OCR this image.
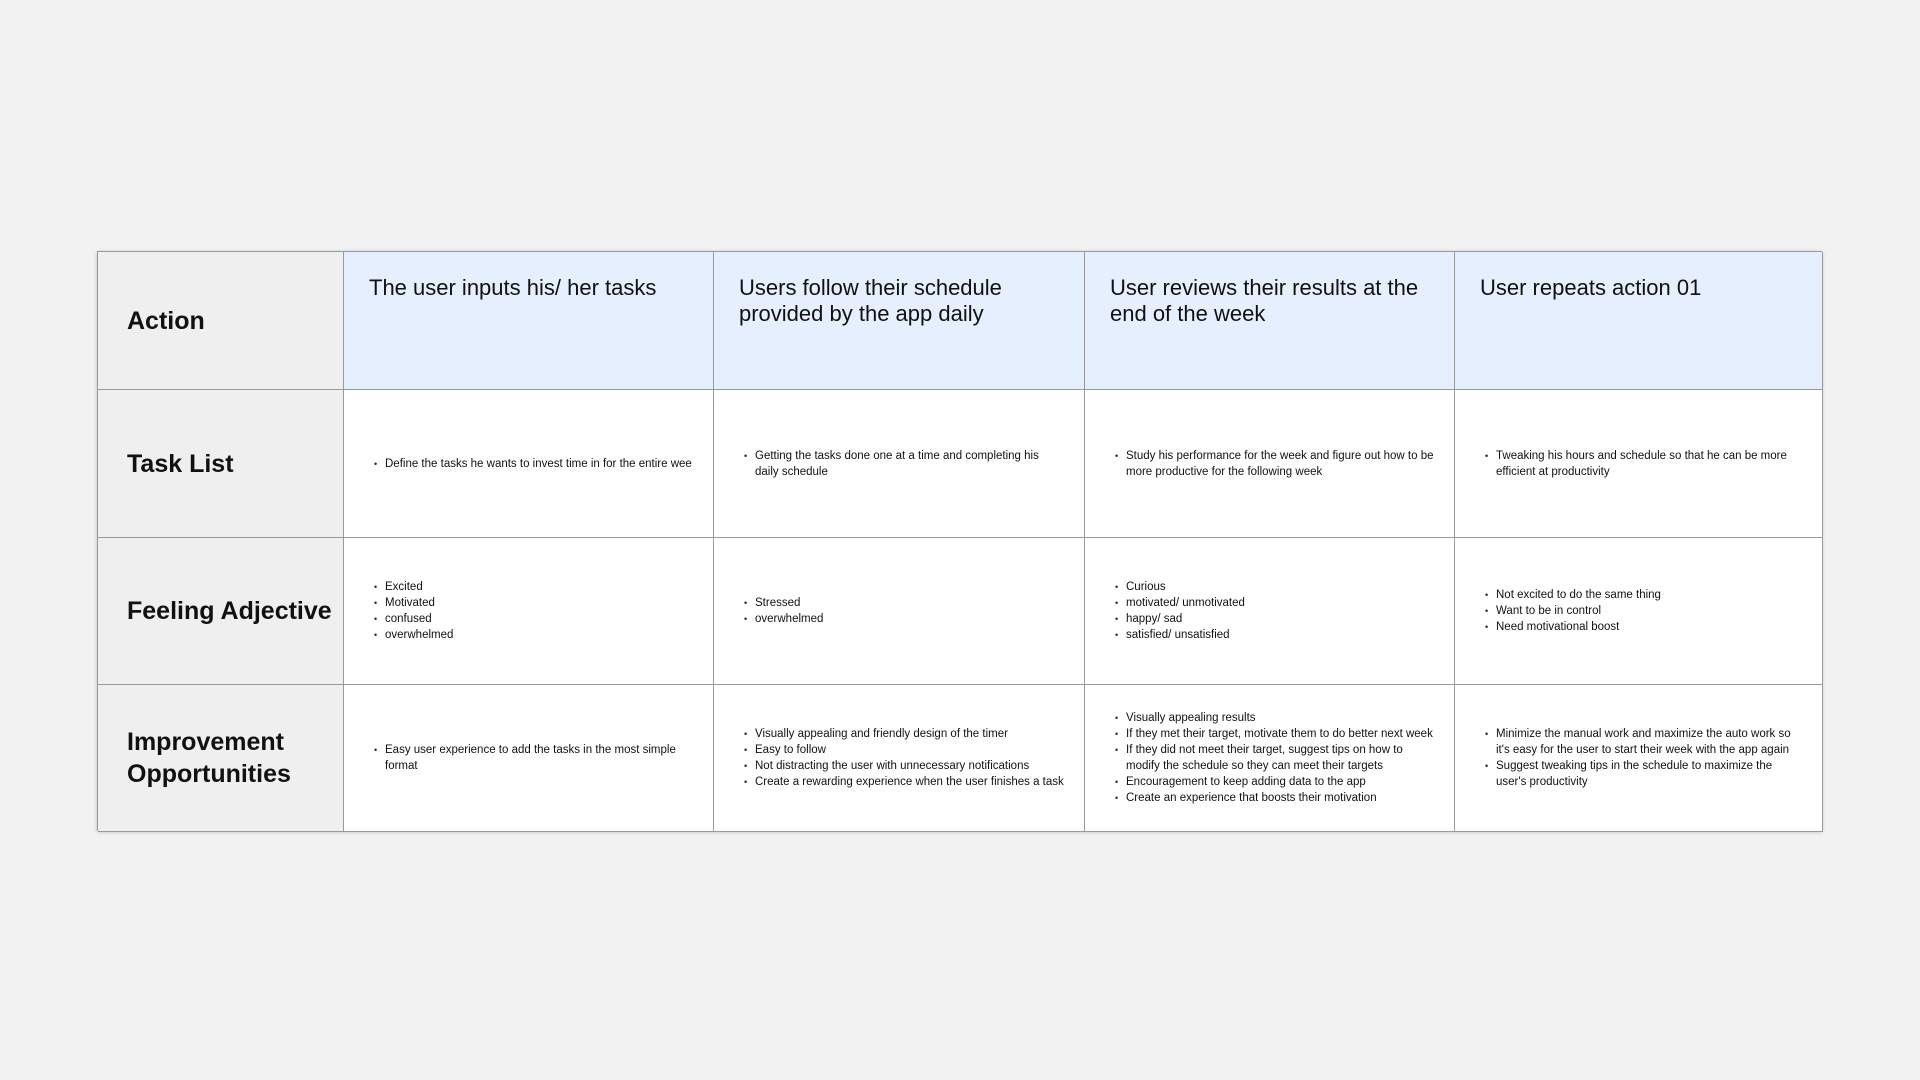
Action
The user inputs his/ her tasks	Users follow their schedule provided by the app daily
User reviews their results at the end of the week
User repeats action 01
Task List
•	Define the tasks he wants to invest time in for the entire wee
• Getting the tasks done one at a time and completing his daily schedule
• Study his performance for the week and figure out how to be more productive for the following week
• Tweaking his hours and schedule so that he can be more efficient at productivity
Feeling Adjective
• Excited
• Motivated
• confused
• overwhelmed
• Stressed
• overwhelmed
• Curious
• motivated/ unmotivated
• happy/ sad
• satisfied/ unsatisfied
• Not excited to do the same thing
• Want to be in control
• Need motivational boost
Improvement Opportunities
• Easy user experience to add the tasks in the most simple format
• Visually appealing and friendly design of the timer
• Easy to follow
• Not distracting the user with unnecessary notifications
• Create a rewarding experience when the user finishes a task
• Visually appealing results
• If they met their target, motivate them to do better next week
• If they did not meet their target, suggest tips on how to modify the schedule so they can meet their targets
• Encouragement to keep adding data to the app
• Create an experience that boosts their motivation
• Minimize the manual work and maximize the auto work so it's easy for the user to start their week with the app again
• Suggest tweaking tips in the schedule to maximize the user's productivity
